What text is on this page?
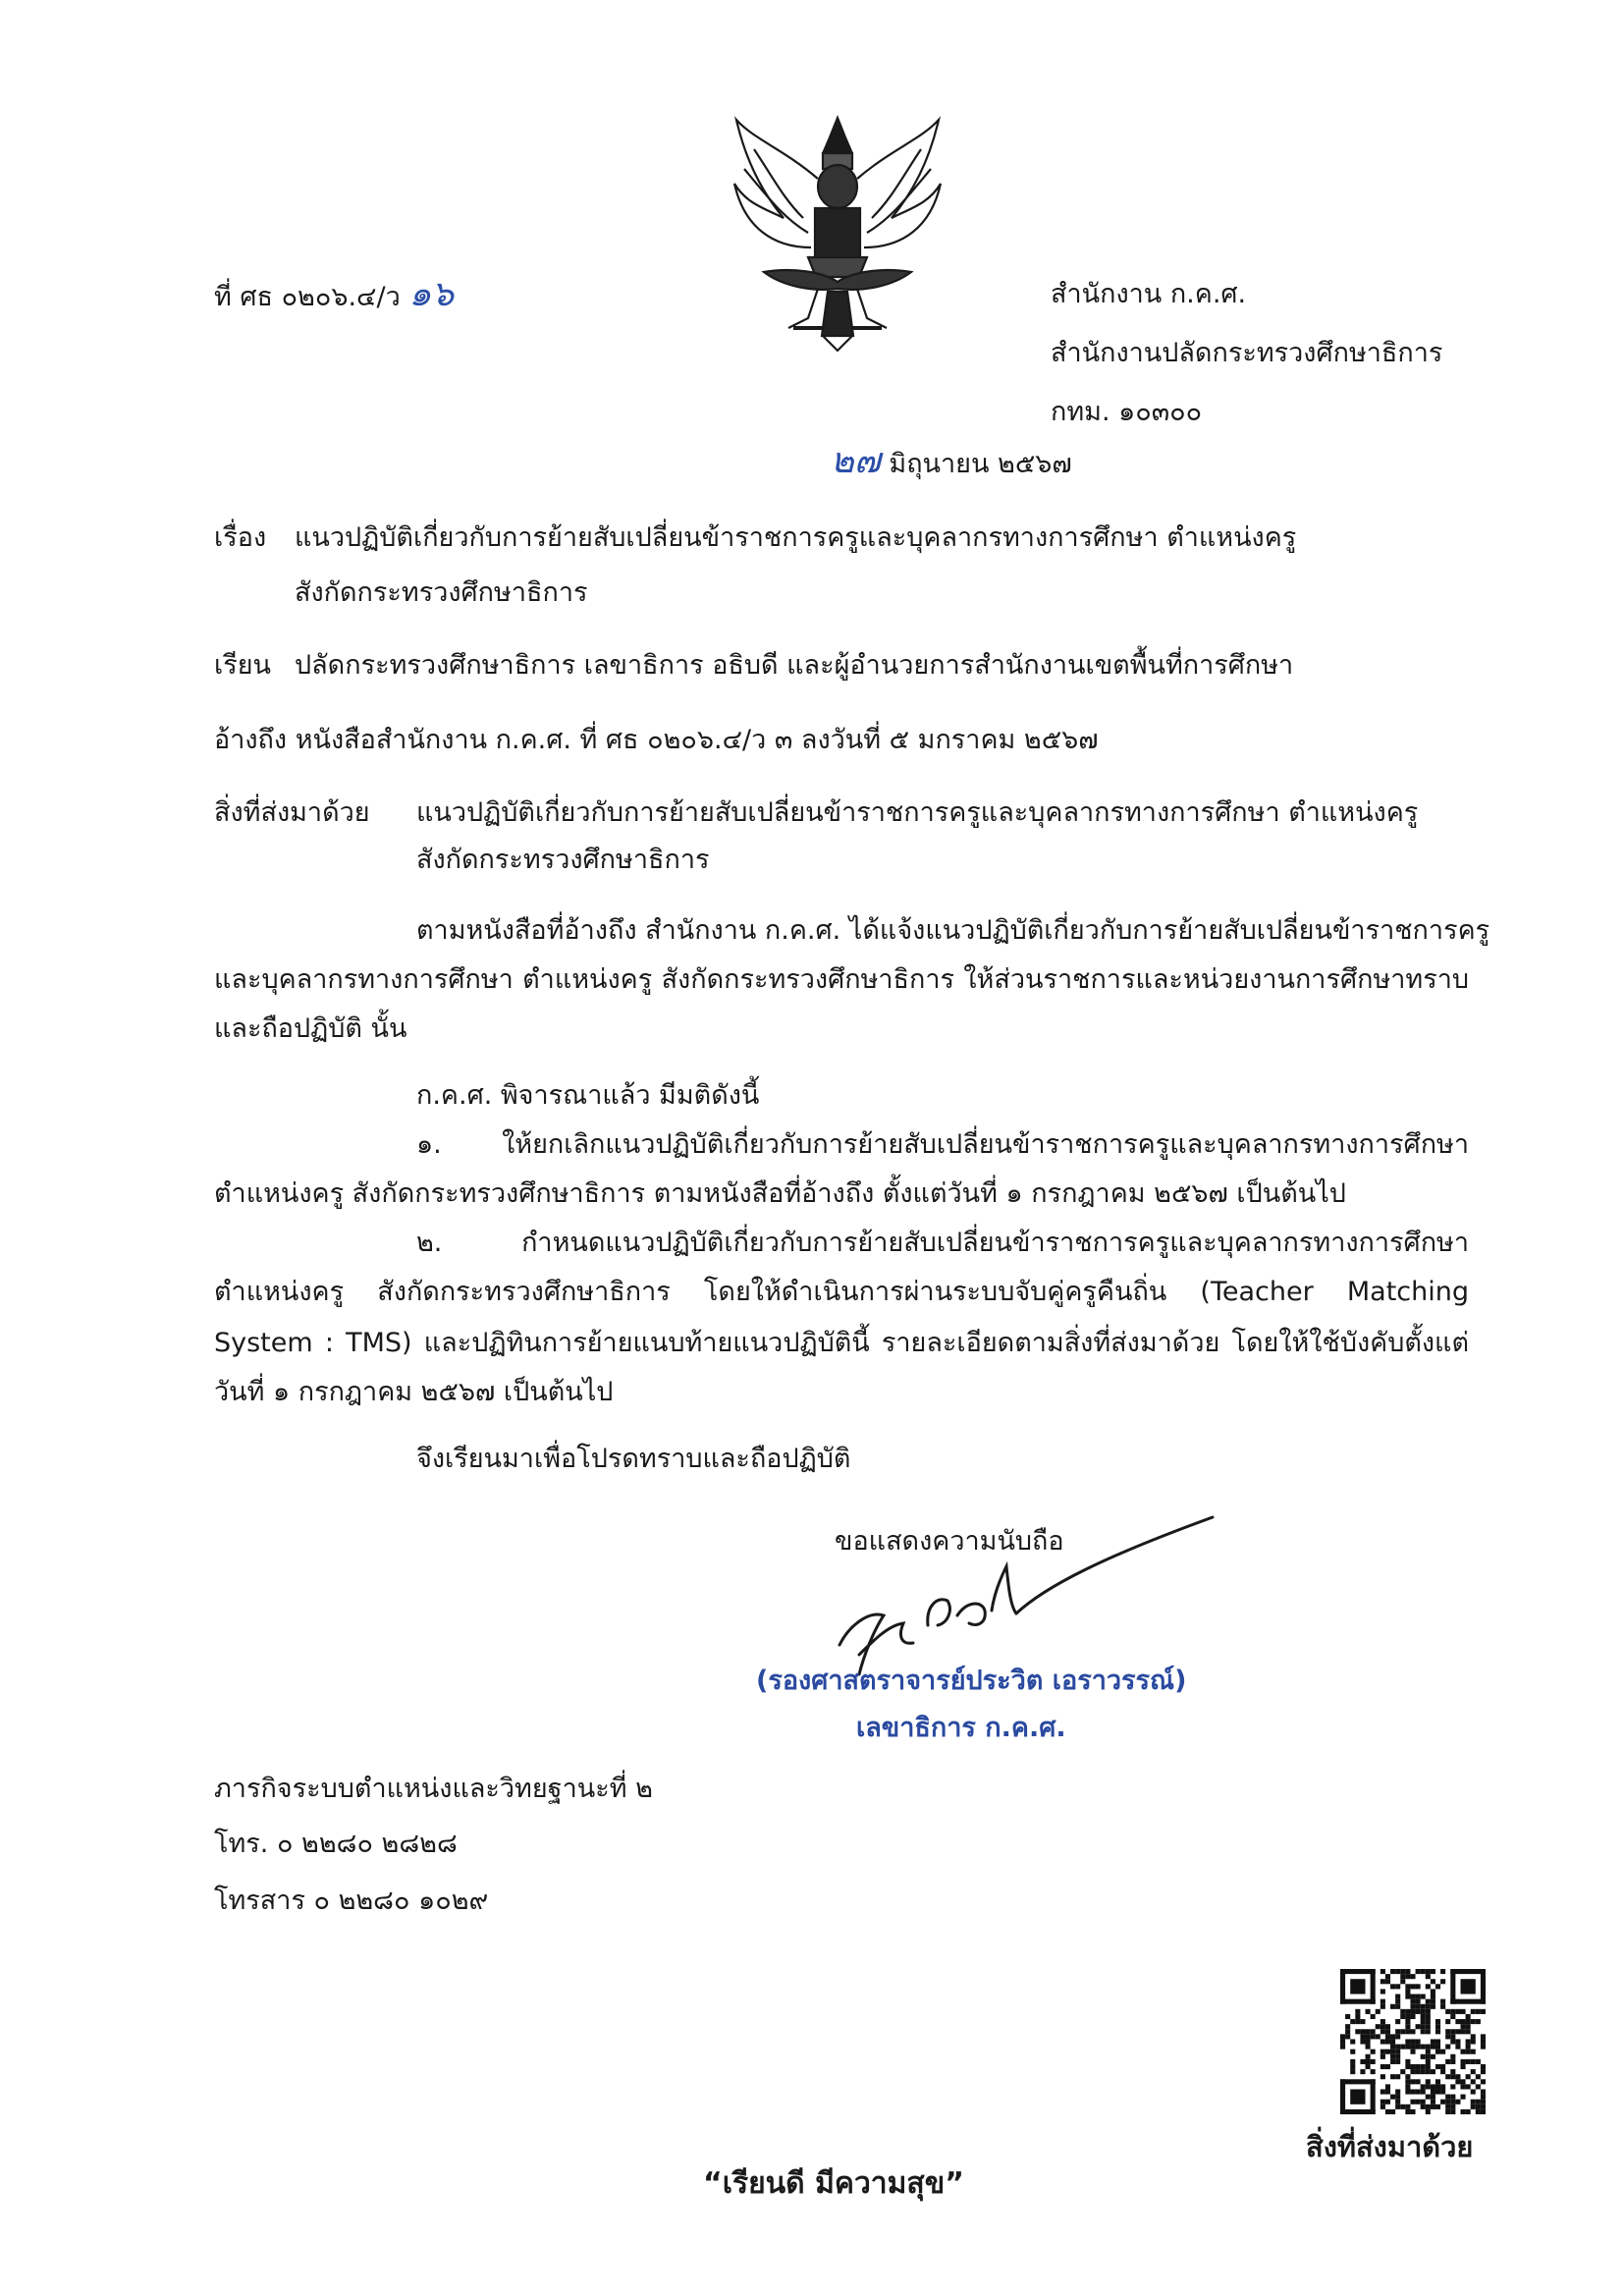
ที่ ศธ ๐๒๐๖.๔/ว ๑๖	สำนักงาน ก.ค.ศ.
สำนักงานปลัดกระทรวงศึกษาธิการ
กทม. ๑๐๓๐๐
๒๗ มิถุนายน ๒๕๖๗
เรื่อง แนวปฏิบัติเกี่ยวกับการย้ายสับเปลี่ยนข้าราชการครูและบุคลากรทางการศึกษา ตำแหน่งครู
สังกัดกระทรวงศึกษาธิการ
เรียน ปลัดกระทรวงศึกษาธิการ เลขาธิการ อธิบดี และผู้อำนวยการสำนักงานเขตพื้นที่การศึกษา
อ้างถึง หนังสือสำนักงาน ก.ค.ศ. ที่ ศธ ๐๒๐๖.๔/ว ๓ ลงวันที่ ๕ มกราคม ๒๕๖๗
สิ่งที่ส่งมาด้วย แนวปฏิบัติเกี่ยวกับการย้ายสับเปลี่ยนข้าราชการครูและบุคลากรทางการศึกษา ตำแหน่งครู
สังกัดกระทรวงศึกษาธิการ
ตามหนังสือที่อ้างถึง สำนักงาน ก.ค.ศ. ได้แจ้งแนวปฏิบัติเกี่ยวกับการย้ายสับเปลี่ยนข้าราชการครู
และบุคลากรทางการศึกษา ตำแหน่งครู สังกัดกระทรวงศึกษาธิการ ให้ส่วนราชการและหน่วยงานการศึกษาทราบ
และถือปฏิบัติ นั้น
ก.ค.ศ. พิจารณาแล้ว มีมติดังนี้
๑. ให้ยกเลิกแนวปฏิบัติเกี่ยวกับการย้ายสับเปลี่ยนข้าราชการครูและบุคลากรทางการศึกษา
ตำแหน่งครู สังกัดกระทรวงศึกษาธิการ ตามหนังสือที่อ้างถึง ตั้งแต่วันที่ ๑ กรกฎาคม ๒๕๖๗ เป็นต้นไป
๒. กำหนดแนวปฏิบัติเกี่ยวกับการย้ายสับเปลี่ยนข้าราชการครูและบุคลากรทางการศึกษา
ตำแหน่งครู สังกัดกระทรวงศึกษาธิการ โดยให้ดำเนินการผ่านระบบจับคู่ครูคืนถิ่น (Teacher Matching
System : TMS) และปฏิทินการย้ายแนบท้ายแนวปฏิบัตินี้ รายละเอียดตามสิ่งที่ส่งมาด้วย โดยให้ใช้บังคับตั้งแต่
วันที่ ๑ กรกฎาคม ๒๕๖๗ เป็นต้นไป
จึงเรียนมาเพื่อโปรดทราบและถือปฏิบัติ
ขอแสดงความนับถือ
(รองศาสตราจารย์ประวิต เอราวรรณ์)
เลขาธิการ ก.ค.ศ.
ภารกิจระบบตำแหน่งและวิทยฐานะที่ ๒
โทร. ๐ ๒๒๘๐ ๒๘๒๘
โทรสาร ๐ ๒๒๘๐ ๑๐๒๙
สิ่งที่ส่งมาด้วย
“เรียนดี มีความสุข”
